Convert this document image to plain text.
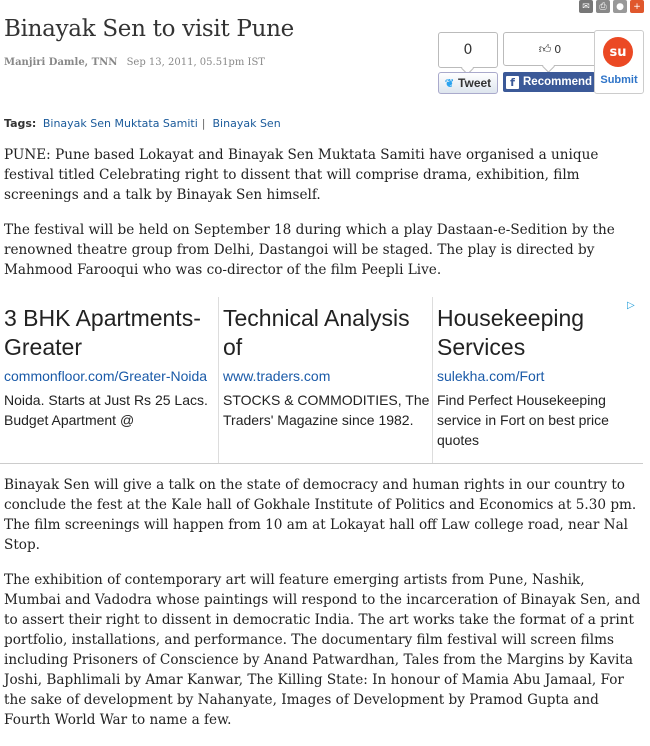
✉	⎙	●	+
Binayak Sen to visit Pune
Manjiri Damle, TNN Sep 13, 2011, 05.51pm IST
0
❦ Tweet
👍︎ 0
f Recommend
su
Submit
Tags: Binayak Sen Muktata Samiti | Binayak Sen

PUNE: Pune based Lokayat and Binayak Sen Muktata Samiti have organised a unique festival titled Celebrating right to dissent that will comprise drama, exhibition, film screenings and a talk by Binayak Sen himself.

The festival will be held on September 18 during which a play Dastaan-e-Sedition by the renowned theatre group from Delhi, Dastangoi will be staged. The play is directed by Mahmood Farooqui who was co-director of the film Peepli Live.

3 BHK Apartments- Greater
commonfloor.com/Greater-Noida
Noida. Starts at Just Rs 25 Lacs. Budget Apartment @
Technical Analysis of
www.traders.com
STOCKS & COMMODITIES, The Traders' Magazine since 1982.
Housekeeping Services
sulekha.com/Fort
Find Perfect Housekeeping service in Fort on best price quotes
▷

Binayak Sen will give a talk on the state of democracy and human rights in our country to conclude the fest at the Kale hall of Gokhale Institute of Politics and Economics at 5.30 pm. The film screenings will happen from 10 am at Lokayat hall off Law college road, near Nal Stop.

The exhibition of contemporary art will feature emerging artists from Pune, Nashik, Mumbai and Vadodra whose paintings will respond to the incarceration of Binayak Sen, and to assert their right to dissent in democratic India. The art works take the format of a print portfolio, installations, and performance. The documentary film festival will screen films including Prisoners of Conscience by Anand Patwardhan, Tales from the Margins by Kavita Joshi, Baphlimali by Amar Kanwar, The Killing State: In honour of Mamia Abu Jamaal, For the sake of development by Nahanyate, Images of Development by Pramod Gupta and Fourth World War to name a few.
